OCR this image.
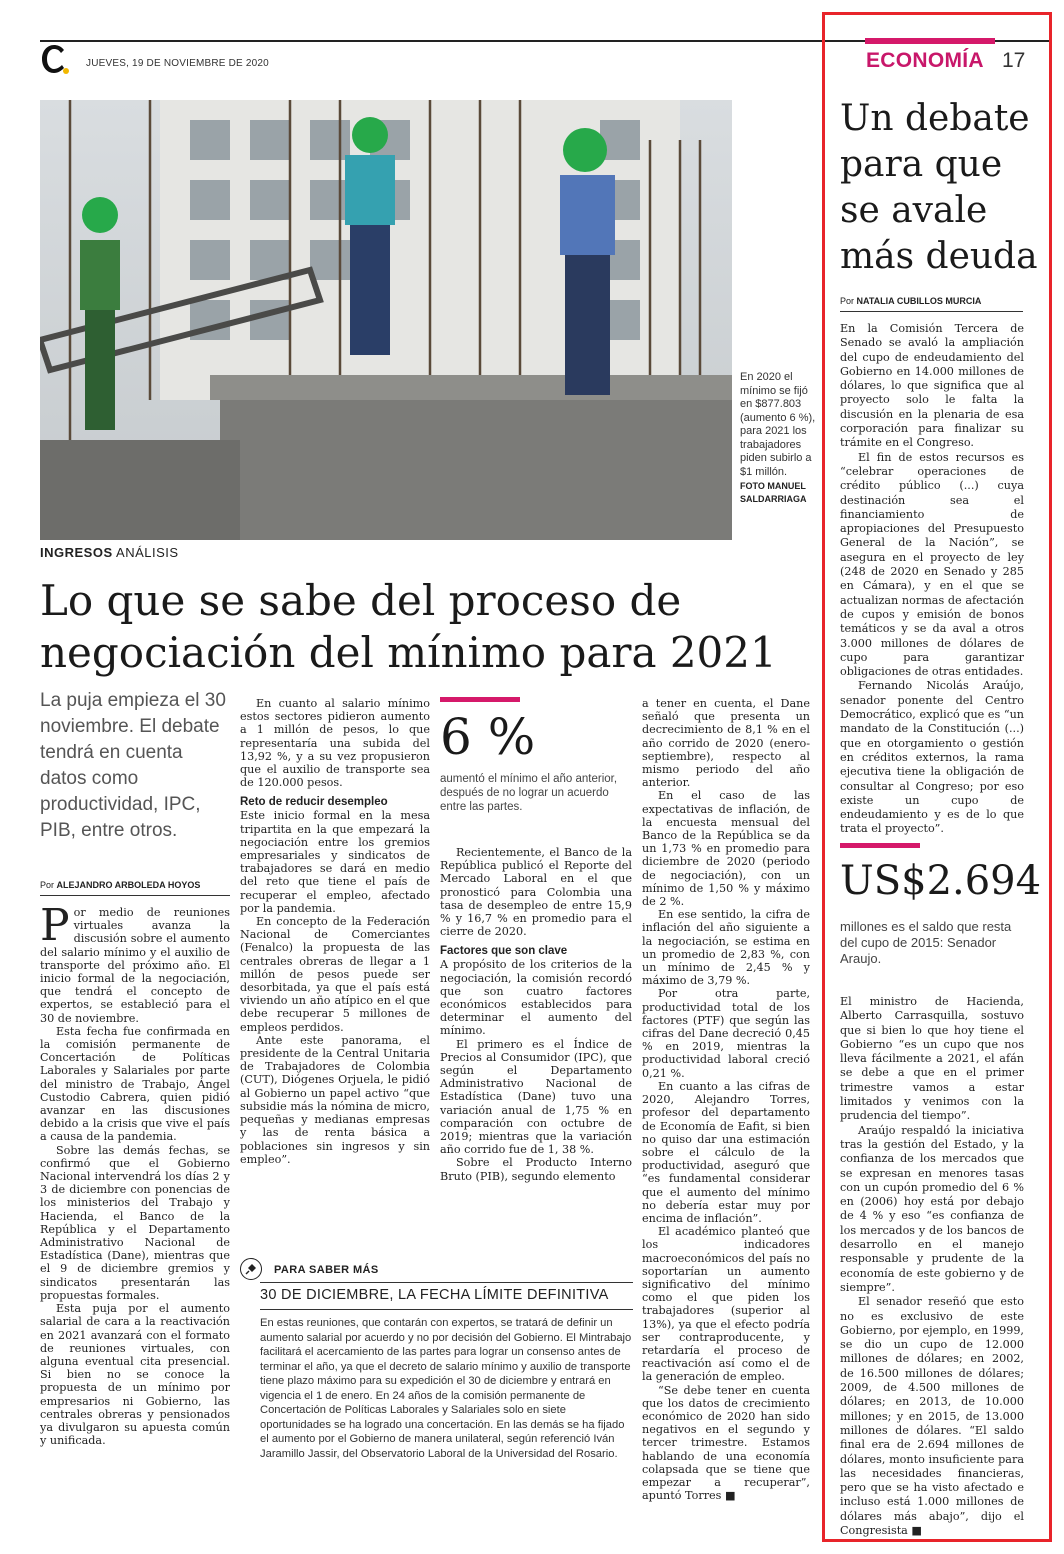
JUEVES, 19 DE NOVIEMBRE DE 2020	ECONOMÍA 17
En 2020 el mínimo se fijó en $877.803 (aumento 6 %), para 2021 los trabajadores piden subirlo a $1 millón.
FOTO MANUEL SALDARRIAGA
INGRESOS ANÁLISIS
Lo que se sabe del proceso de negociación del mínimo para 2021
La puja empieza el 30 noviembre. El debate tendrá en cuenta datos como productividad, IPC, PIB, entre otros.
Por ALEJANDRO ARBOLEDA HOYOS

Por medio de reuniones virtuales avanza la discusión sobre el aumento del salario mínimo y el auxilio de transporte del próximo año. El inicio formal de la negociación, que tendrá el concepto de expertos, se estableció para el 30 de noviembre.

Esta fecha fue confirmada en la comisión permanente de Concertación de Políticas Laborales y Salariales por parte del ministro de Trabajo, Ángel Custodio Cabrera, quien pidió avanzar en las discusiones debido a la crisis que vive el país a causa de la pandemia.

Sobre las demás fechas, se confirmó que el Gobierno Nacional intervendrá los días 2 y 3 de diciembre con ponencias de los ministerios del Trabajo y Hacienda, el Banco de la República y el Departamento Administrativo Nacional de Estadística (Dane), mientras que el 9 de diciembre gremios y sindicatos presentarán las propuestas formales.

Esta puja por el aumento salarial de cara a la reactivación en 2021 avanzará con el formato de reuniones virtuales, con alguna eventual cita presencial. Si bien no se conoce la propuesta de un mínimo por empresarios ni Gobierno, las centrales obreras y pensionados ya divulgaron su apuesta común y unificada.

En cuanto al salario mínimo estos sectores pidieron aumento a 1 millón de pesos, lo que representaría una subida del 13,92 %, y a su vez propusieron que el auxilio de transporte sea de 120.000 pesos.

Reto de reducir desempleo

Este inicio formal en la mesa tripartita en la que empezará la negociación entre los gremios empresariales y sindicatos de trabajadores se dará en medio del reto que tiene el país de recuperar el empleo, afectado por la pandemia.

En concepto de la Federación Nacional de Comerciantes (Fenalco) la propuesta de las centrales obreras de llegar a 1 millón de pesos puede ser desorbitada, ya que el país está viviendo un año atípico en el que debe recuperar 5 millones de empleos perdidos.

Ante este panorama, el presidente de la Central Unitaria de Trabajadores de Colombia (CUT), Diógenes Orjuela, le pidió al Gobierno un papel activo “que subsidie más la nómina de micro, pequeñas y medianas empresas y las de renta básica a poblaciones sin ingresos y sin empleo”.

6 %
aumentó el mínimo el año anterior, después de no lograr un acuerdo entre las partes.

Recientemente, el Banco de la República publicó el Reporte del Mercado Laboral en el que pronosticó para Colombia una tasa de desempleo de entre 15,9 % y 16,7 % en promedio para el cierre de 2020.

Factores que son clave

A propósito de los criterios de la negociación, la comisión recordó que son cuatro factores económicos establecidos para determinar el aumento del mínimo.

El primero es el Índice de Precios al Consumidor (IPC), que según el Departamento Administrativo Nacional de Estadística (Dane) tuvo una variación anual de 1,75 % en comparación con octubre de 2019; mientras que la variación año corrido fue de 1, 38 %.

Sobre el Producto Interno Bruto (PIB), segundo elemento

a tener en cuenta, el Dane señaló que presenta un decrecimiento de 8,1 % en el año corrido de 2020 (enero-septiembre), respecto al mismo periodo del año anterior.

En el caso de las expectativas de inflación, de la encuesta mensual del Banco de la República se da un 1,73 % en promedio para diciembre de 2020 (periodo de negociación), con un mínimo de 1,50 % y máximo de 2 %.

En ese sentido, la cifra de inflación del año siguiente a la negociación, se estima en un promedio de 2,83 %, con un mínimo de 2,45 % y máximo de 3,79 %.

Por otra parte, productividad total de los factores (PTF) que según las cifras del Dane decreció 0,45 % en 2019, mientras la productividad laboral creció 0,21 %.

En cuanto a las cifras de 2020, Alejandro Torres, profesor del departamento de Economía de Eafit, si bien no quiso dar una estimación sobre el cálculo de la productividad, aseguró que “es fundamental considerar que el aumento del mínimo no debería estar muy por encima de inflación”.

El académico planteó que los indicadores macroeconómicos del país no soportarían un aumento significativo del mínimo como el que piden los trabajadores (superior al 13%), ya que el efecto podría ser contraproducente, y retardaría el proceso de reactivación así como el de la generación de empleo.

“Se debe tener en cuenta que los datos de crecimiento económico de 2020 han sido negativos en el segundo y tercer trimestre. Estamos hablando de una economía colapsada que se tiene que empezar a recuperar”, apuntó Torres ■

PARA SABER MÁS
30 DE DICIEMBRE, LA FECHA LÍMITE DEFINITIVA
En estas reuniones, que contarán con expertos, se tratará de definir un aumento salarial por acuerdo y no por decisión del Gobierno. El Mintrabajo facilitará el acercamiento de las partes para lograr un consenso antes de terminar el año, ya que el decreto de salario mínimo y auxilio de transporte tiene plazo máximo para su expedición el 30 de diciembre y entrará en vigencia el 1 de enero. En 24 años de la comisión permanente de Concertación de Políticas Laborales y Salariales solo en siete oportunidades se ha logrado una concertación. En las demás se ha fijado el aumento por el Gobierno de manera unilateral, según referenció Iván Jaramillo Jassir, del Observatorio Laboral de la Universidad del Rosario.
Un debate para que se avale más deuda
Por NATALIA CUBILLOS MURCIA

En la Comisión Tercera de Senado se avaló la ampliación del cupo de endeudamiento del Gobierno en 14.000 millones de dólares, lo que significa que al proyecto solo le falta la discusión en la plenaria de esa corporación para finalizar su trámite en el Congreso.

El fin de estos recursos es “celebrar operaciones de crédito público (...) cuya destinación sea el financiamiento de apropiaciones del Presupuesto General de la Nación”, se asegura en el proyecto de ley (248 de 2020 en Senado y 285 en Cámara), y en el que se actualizan normas de afectación de cupos y emisión de bonos temáticos y se da aval a otros 3.000 millones de dólares de cupo para garantizar obligaciones de otras entidades.

Fernando Nicolás Araújo, senador ponente del Centro Democrático, explicó que es “un mandato de la Constitución (...) que en otorgamiento o gestión en créditos externos, la rama ejecutiva tiene la obligación de consultar al Congreso; por eso existe un cupo de endeudamiento y es de lo que trata el proyecto”.

US$2.694
millones es el saldo que resta del cupo de 2015: Senador Araujo.

El ministro de Hacienda, Alberto Carrasquilla, sostuvo que si bien lo que hoy tiene el Gobierno “es un cupo que nos lleva fácilmente a 2021, el afán se debe a que en el primer trimestre vamos a estar limitados y venimos con la prudencia del tiempo”.

Araújo respaldó la iniciativa tras la gestión del Estado, y la confianza de los mercados que se expresan en menores tasas con un cupón promedio del 6 % en (2006) hoy está por debajo de 4 % y eso “es confianza de los mercados y de los bancos de desarrollo en el manejo responsable y prudente de la economía de este gobierno y de siempre”.

El senador reseñó que esto no es exclusivo de este Gobierno, por ejemplo, en 1999, se dio un cupo de 12.000 millones de dólares; en 2002, de 16.500 millones de dólares; 2009, de 4.500 millones de dólares; en 2013, de 10.000 millones; y en 2015, de 13.000 millones de dólares. “El saldo final era de 2.694 millones de dólares, monto insuficiente para las necesidades financieras, pero que se ha visto afectado e incluso está 1.000 millones de dólares más abajo”, dijo el Congresista ■
